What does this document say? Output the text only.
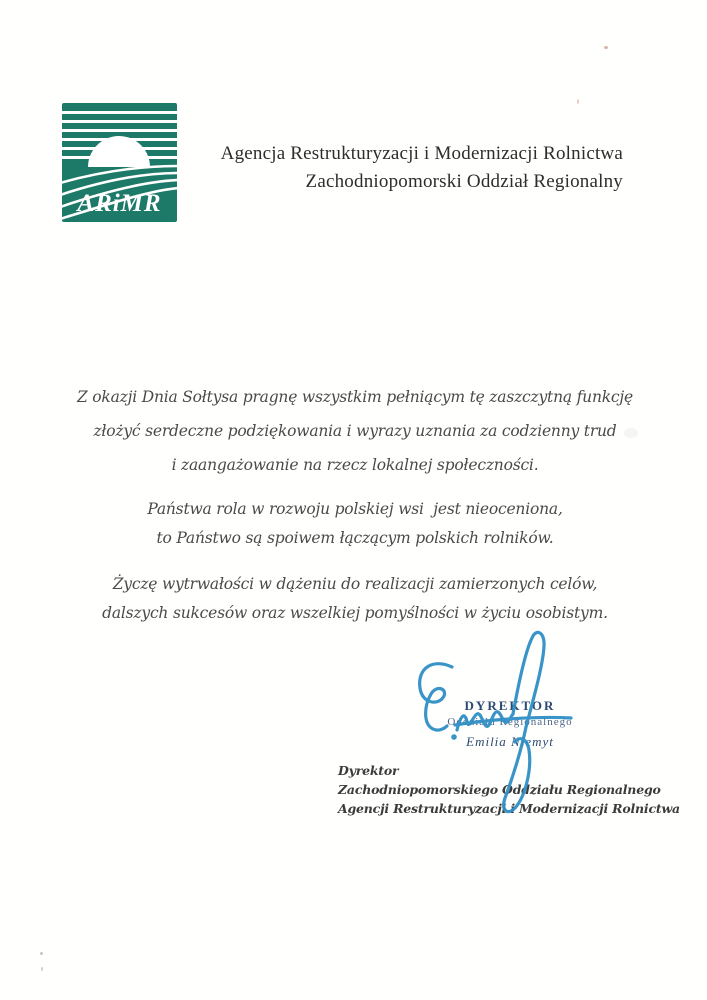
ARiMR
Agencja Restrukturyzacji i Modernizacji Rolnictwa
Zachodniopomorski Oddział Regionalny
Z okazji Dnia Sołtysa pragnę wszystkim pełniącym tę zaszczytną funkcję
złożyć serdeczne podziękowania i wyrazy uznania za codzienny trud
i zaangażowanie na rzecz lokalnej społeczności.
Państwa rola w rozwoju polskiej wsi  jest nieoceniona,
to Państwo są spoiwem łączącym polskich rolników.
Życzę wytrwałości w dążeniu do realizacji zamierzonych celów,
dalszych sukcesów oraz wszelkiej pomyślności w życiu osobistym.
DYREKTOR
Oddziału Regionalnego
Emilia Niemyt
Dyrektor
Zachodniopomorskiego Oddziału Regionalnego
Agencji Restrukturyzacji i Modernizacji Rolnictwa
